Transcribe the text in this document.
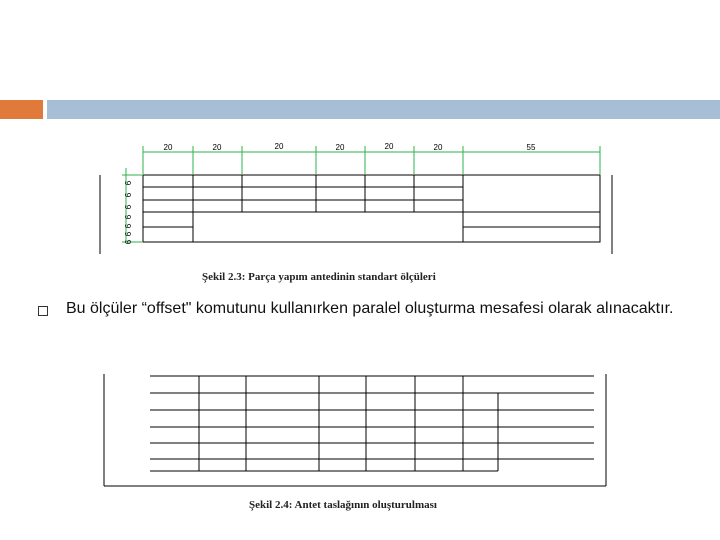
20	20	20	20	20	20	55
6
6
6
6
6
6
6
Şekil 2.3: Parça yapım antedinin standart ölçüleri
Bu ölçüler “offset" komutunu kullanırken paralel oluşturma mesafesi olarak alınacaktır.
Şekil 2.4: Antet taslağının oluşturulması
